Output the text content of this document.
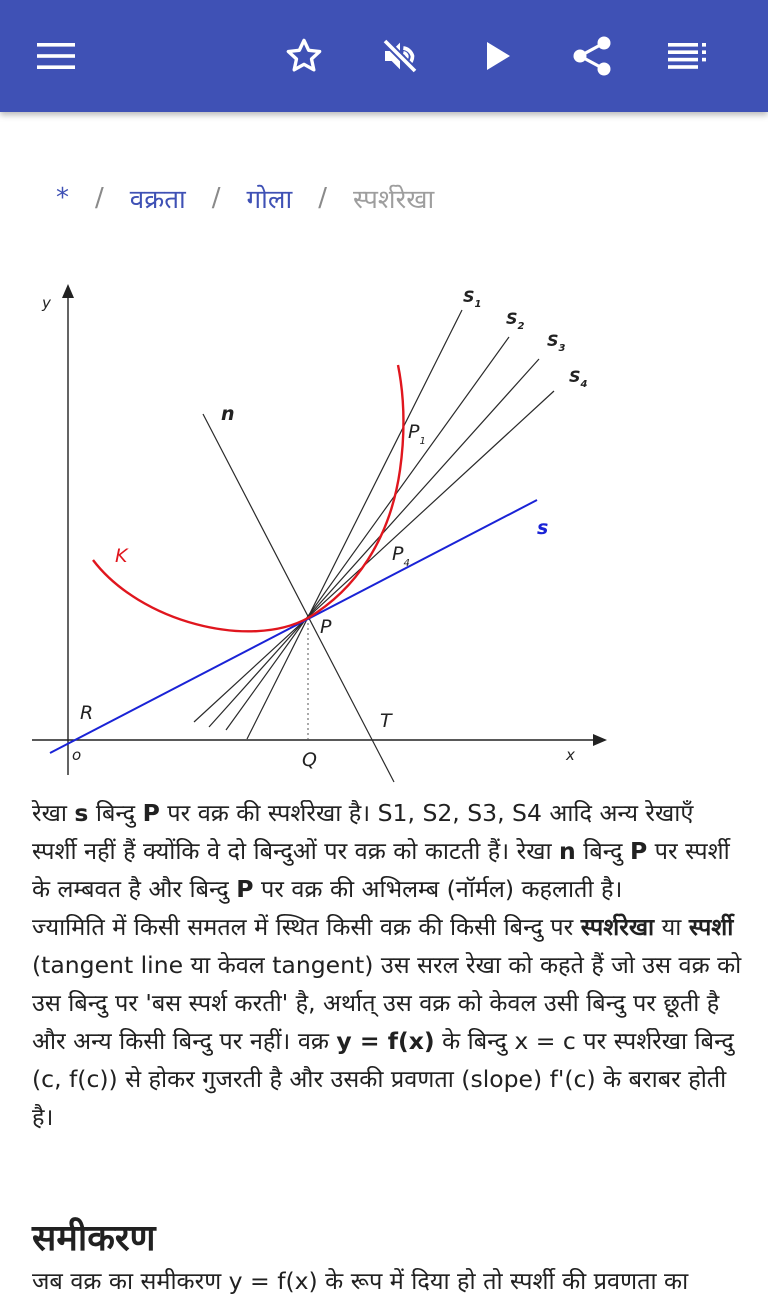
* / वक्रता / गोला / स्पर्शरेखा
y
x
o
$S_1$
$S_2$
$S_3$
$S_4$
n
$P_1$
$P_4$
K
s
P
R	T
Q

रेखा s बिन्दु P पर वक्र की स्पर्शरेखा है। S1, S2, S3, S4 आदि अन्य रेखाएँ स्पर्शी नहीं हैं क्योंकि वे दो बिन्दुओं पर वक्र को काटती हैं। रेखा n बिन्दु P पर स्पर्शी के लम्बवत है और बिन्दु P पर वक्र की अभिलम्ब (नॉर्मल) कहलाती है।

ज्यामिति में किसी समतल में स्थित किसी वक्र की किसी बिन्दु पर स्पर्शरेखा या स्पर्शी (tangent line या केवल tangent) उस सरल रेखा को कहते हैं जो उस वक्र को उस बिन्दु पर 'बस स्पर्श करती' है, अर्थात् उस वक्र को केवल उसी बिन्दु पर छूती है और अन्य किसी बिन्दु पर नहीं। वक्र y = f(x) के बिन्दु x = c पर स्पर्शरेखा बिन्दु (c, f(c)) से होकर गुजरती है और उसकी प्रवणता (slope) f'(c) के बराबर होती है।

समीकरण
जब वक्र का समीकरण y = f(x) के रूप में दिया हो तो स्पर्शी की प्रवणता का
